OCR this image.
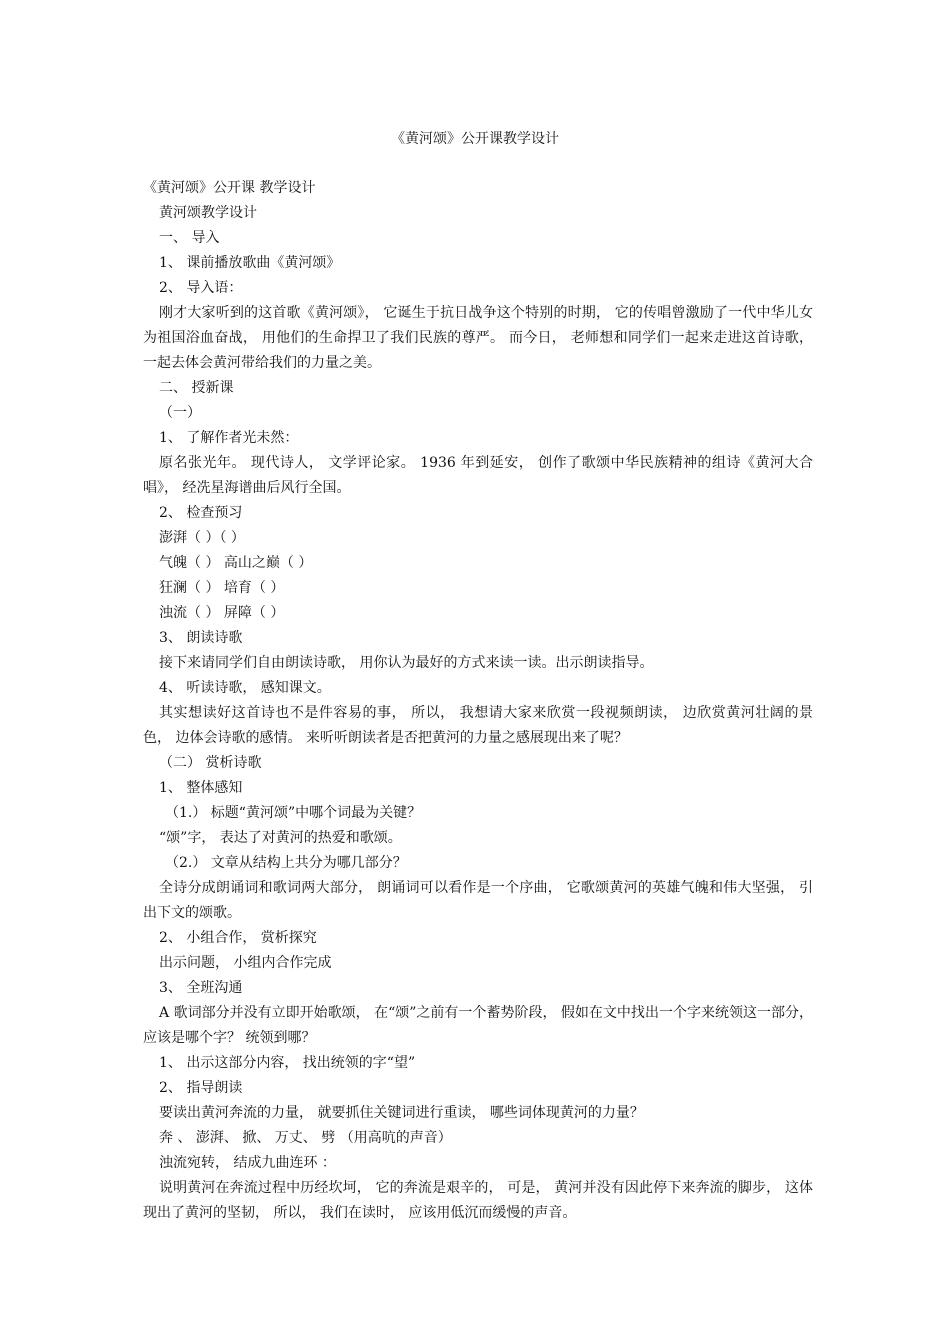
《黄河颂》公开课教学设计
《黄河颂》公开课 教学设计
黄河颂教学设计
一、 导入
1、 课前播放歌曲《黄河颂》
2、 导入语：
刚才大家听到的这首歌《黄河颂》， 它诞生于抗日战争这个特别的时期， 它的传唱曾激励了一代中华儿女为祖国浴血奋战， 用他们的生命捍卫了我们民族的尊严。 而今日， 老师想和同学们一起来走进这首诗歌， 一起去体会黄河带给我们的力量之美。
二、 授新课
（一）
1、 了解作者光未然：
原名张光年。 现代诗人， 文学评论家。 1936 年到延安， 创作了歌颂中华民族精神的组诗《黄河大合唱》， 经冼星海谱曲后风行全国。
2、 检查预习
澎湃（ ）（ ）
气魄（ ） 高山之巅（ ）
狂澜（ ） 培育（ ）
浊流（ ） 屏障（ ）
3、 朗读诗歌
接下来请同学们自由朗读诗歌， 用你认为最好的方式来读一读。出示朗读指导。
4、 听读诗歌， 感知课文。
其实想读好这首诗也不是件容易的事， 所以， 我想请大家来欣赏一段视频朗读， 边欣赏黄河壮阔的景色， 边体会诗歌的感情。 来听听朗读者是否把黄河的力量之感展现出来了呢？
（二） 赏析诗歌
1、 整体感知
（1.） 标题“黄河颂”中哪个词最为关键？
“颂”字， 表达了对黄河的热爱和歌颂。
（2.） 文章从结构上共分为哪几部分？
全诗分成朗诵词和歌词两大部分， 朗诵词可以看作是一个序曲， 它歌颂黄河的英雄气魄和伟大坚强， 引出下文的颂歌。
2、 小组合作， 赏析探究
出示问题， 小组内合作完成
3、 全班沟通
A 歌词部分并没有立即开始歌颂， 在“颂”之前有一个蓄势阶段， 假如在文中找出一个字来统领这一部分， 应该是哪个字？ 统领到哪？
1、 出示这部分内容， 找出统领的字“望”
2、 指导朗读
要读出黄河奔流的力量， 就要抓住关键词进行重读， 哪些词体现黄河的力量？
奔 、 澎湃、 掀、 万丈、 劈 （用高吭的声音）
浊流宛转， 结成九曲连环 ：
说明黄河在奔流过程中历经坎坷， 它的奔流是艰辛的， 可是， 黄河并没有因此停下来奔流的脚步， 这体现出了黄河的坚韧， 所以， 我们在读时， 应该用低沉而缓慢的声音。
